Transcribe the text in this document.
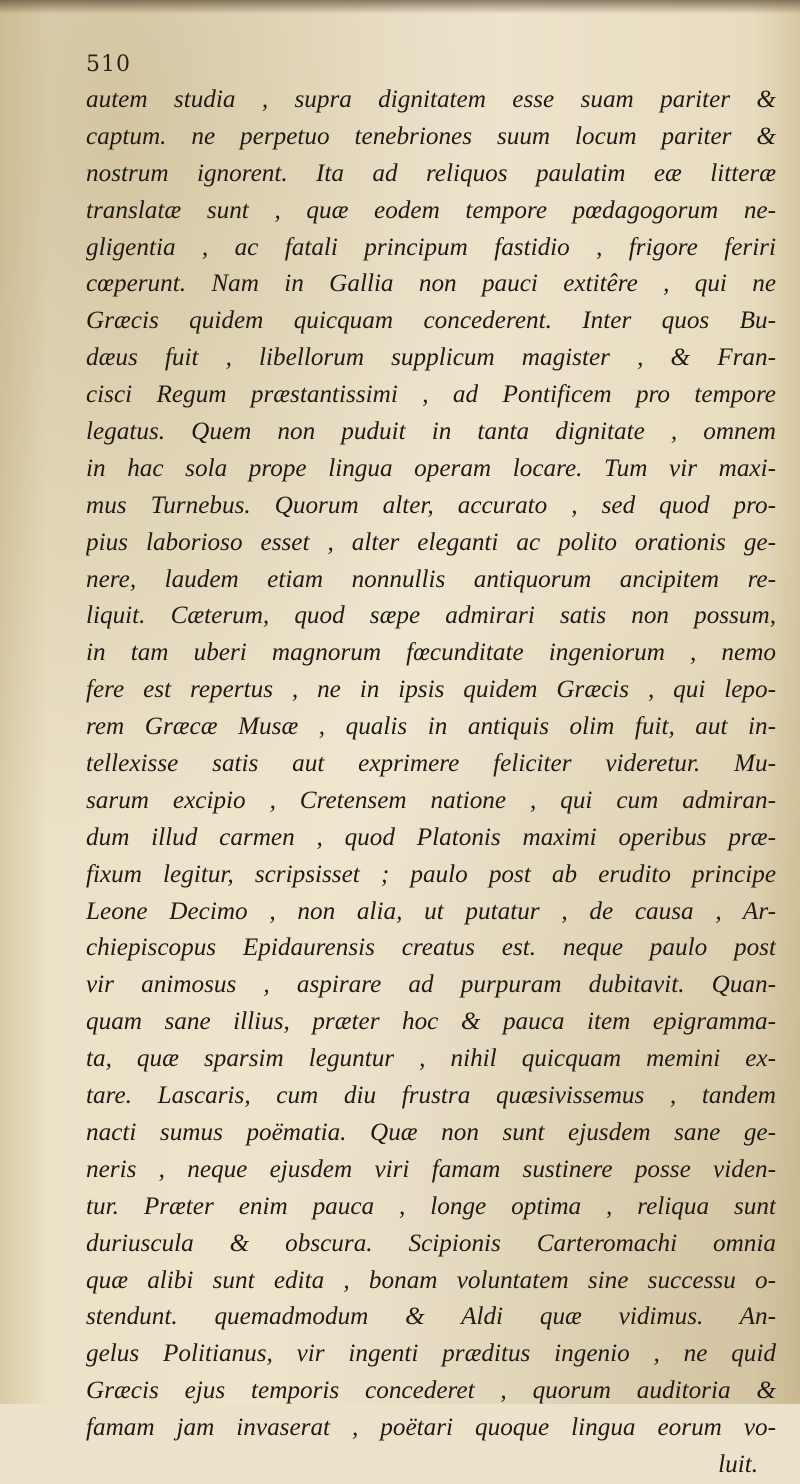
510
autem studia , supra dignitatem esse suam pariter &
captum. ne perpetuo tenebriones suum locum pariter &
nostrum ignorent. Ita ad reliquos paulatim eæ litteræ
translatæ sunt , quæ eodem tempore pœdagogorum ne-
gligentia , ac fatali principum fastidio , frigore feriri
cœperunt. Nam in Gallia non pauci extitêre , qui ne
Græcis quidem quicquam concederent. Inter quos Bu-
dæus fuit , libellorum supplicum magister , & Fran-
cisci Regum præstantissimi , ad Pontificem pro tempore
legatus. Quem non puduit in tanta dignitate , omnem
in hac sola prope lingua operam locare. Tum vir maxi-
mus Turnebus. Quorum alter, accurato , sed quod pro-
pius laborioso esset , alter eleganti ac polito orationis ge-
nere, laudem etiam nonnullis antiquorum ancipitem re-
liquit. Cæterum, quod sæpe admirari satis non possum,
in tam uberi magnorum fœcunditate ingeniorum , nemo
fere est repertus , ne in ipsis quidem Græcis , qui lepo-
rem Græcæ Musæ , qualis in antiquis olim fuit, aut in-
tellexisse satis aut exprimere feliciter videretur. Mu-
sarum excipio , Cretensem natione , qui cum admiran-
dum illud carmen , quod Platonis maximi operibus præ-
fixum legitur, scripsisset ; paulo post ab erudito principe
Leone Decimo , non alia, ut putatur , de causa , Ar-
chiepiscopus Epidaurensis creatus est. neque paulo post
vir animosus , aspirare ad purpuram dubitavit. Quan-
quam sane illius, præter hoc & pauca item epigramma-
ta, quæ sparsim leguntur , nihil quicquam memini ex-
tare. Lascaris, cum diu frustra quæsivissemus , tandem
nacti sumus poëmatia. Quæ non sunt ejusdem sane ge-
neris , neque ejusdem viri famam sustinere posse viden-
tur. Præter enim pauca , longe optima , reliqua sunt
duriuscula & obscura. Scipionis Carteromachi omnia
quæ alibi sunt edita , bonam voluntatem sine successu o-
stendunt. quemadmodum & Aldi quæ vidimus. An-
gelus Politianus, vir ingenti præditus ingenio , ne quid
Græcis ejus temporis concederet , quorum auditoria &
famam jam invaserat , poëtari quoque lingua eorum vo-
luit.
